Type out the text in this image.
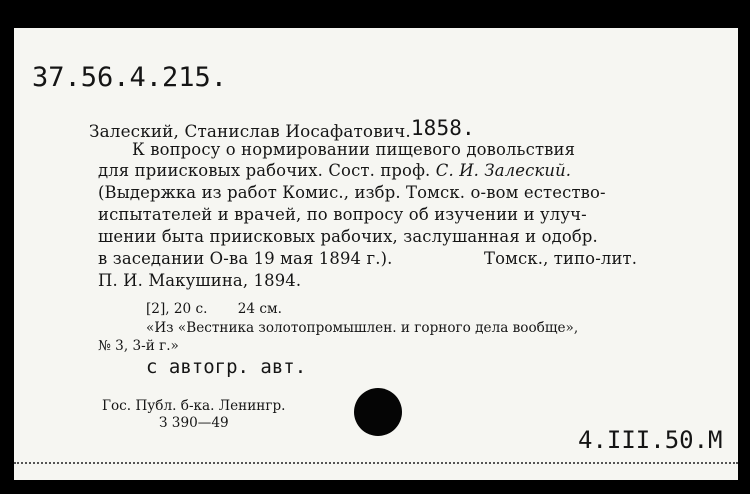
37.56.4.215.
Залеский, Станислав Иосафатович.1858.
К вопросу о нормировании пищевого довольствия
для приисковых рабочих. Сост. проф. С. И. Залеский.
(Выдержка из работ Комис., избр. Томск. о-вом естество-
испытателей и врачей, по вопросу об изучении и улуч-
шении быта приисковых рабочих, заслушанная и одобр.
в заседании О-ва 19 мая 1894 г.).	Томск., типо-лит.
П. И. Макушина, 1894.
[2], 20 с. 24 см.
«Из «Вестника золотопромышлен. и горного дела вообще»,
№ 3, 3-й г.»
с автогр. авт.
Гос. Публ. б-ка. Ленингр.
З 390—49
4.III.50.М
